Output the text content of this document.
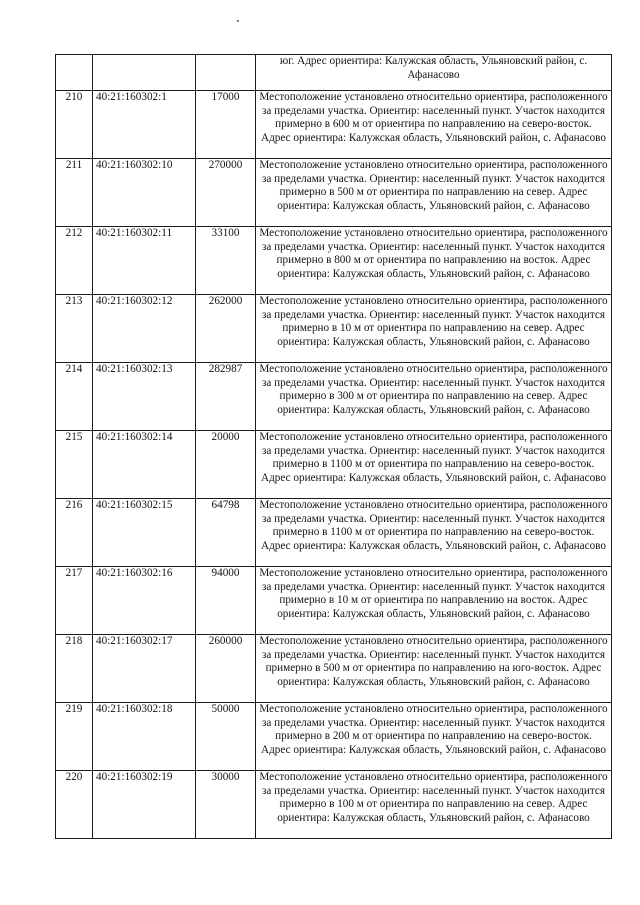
			юг. Адрес ориентира: Калужская область, Ульяновский район, с. Афанасово
210	40:21:160302:1	17000	Местоположение установлено относительно ориентира, расположенного за пределами участка. Ориентир: населенный пункт. Участок находится примерно в 600 м от ориентира по направлению на северо-восток. Адрес ориентира: Калужская область, Ульяновский район, с. Афанасово
211	40:21:160302:10	270000	Местоположение установлено относительно ориентира, расположенного за пределами участка. Ориентир: населенный пункт. Участок находится примерно в 500 м от ориентира по направлению на север. Адрес ориентира: Калужская область, Ульяновский район, с. Афанасово
212	40:21:160302:11	33100	Местоположение установлено относительно ориентира, расположенного за пределами участка. Ориентир: населенный пункт. Участок находится примерно в 800 м от ориентира по направлению на восток. Адрес ориентира: Калужская область, Ульяновский район, с. Афанасово
213	40:21:160302:12	262000	Местоположение установлено относительно ориентира, расположенного за пределами участка. Ориентир: населенный пункт. Участок находится примерно в 10 м от ориентира по направлению на север. Адрес ориентира: Калужская область, Ульяновский район, с. Афанасово
214	40:21:160302:13	282987	Местоположение установлено относительно ориентира, расположенного за пределами участка. Ориентир: населенный пункт. Участок находится примерно в 300 м от ориентира по направлению на север. Адрес ориентира: Калужская область, Ульяновский район, с. Афанасово
215	40:21:160302:14	20000	Местоположение установлено относительно ориентира, расположенного за пределами участка. Ориентир: населенный пункт. Участок находится примерно в 1100 м от ориентира по направлению на северо-восток. Адрес ориентира: Калужская область, Ульяновский район, с. Афанасово
216	40:21:160302:15	64798	Местоположение установлено относительно ориентира, расположенного за пределами участка. Ориентир: населенный пункт. Участок находится примерно в 1100 м от ориентира по направлению на северо-восток. Адрес ориентира: Калужская область, Ульяновский район, с. Афанасово
217	40:21:160302:16	94000	Местоположение установлено относительно ориентира, расположенного за пределами участка. Ориентир: населенный пункт. Участок находится примерно в 10 м от ориентира по направлению на восток. Адрес ориентира: Калужская область, Ульяновский район, с. Афанасово
218	40:21:160302:17	260000	Местоположение установлено относительно ориентира, расположенного за пределами участка. Ориентир: населенный пункт. Участок находится примерно в 500 м от ориентира по направлению на юго-восток. Адрес ориентира: Калужская область, Ульяновский район, с. Афанасово
219	40:21:160302:18	50000	Местоположение установлено относительно ориентира, расположенного за пределами участка. Ориентир: населенный пункт. Участок находится примерно в 200 м от ориентира по направлению на северо-восток. Адрес ориентира: Калужская область, Ульяновский район, с. Афанасово
220	40:21:160302:19	30000	Местоположение установлено относительно ориентира, расположенного за пределами участка. Ориентир: населенный пункт. Участок находится примерно в 100 м от ориентира по направлению на север. Адрес ориентира: Калужская область, Ульяновский район, с. Афанасово
